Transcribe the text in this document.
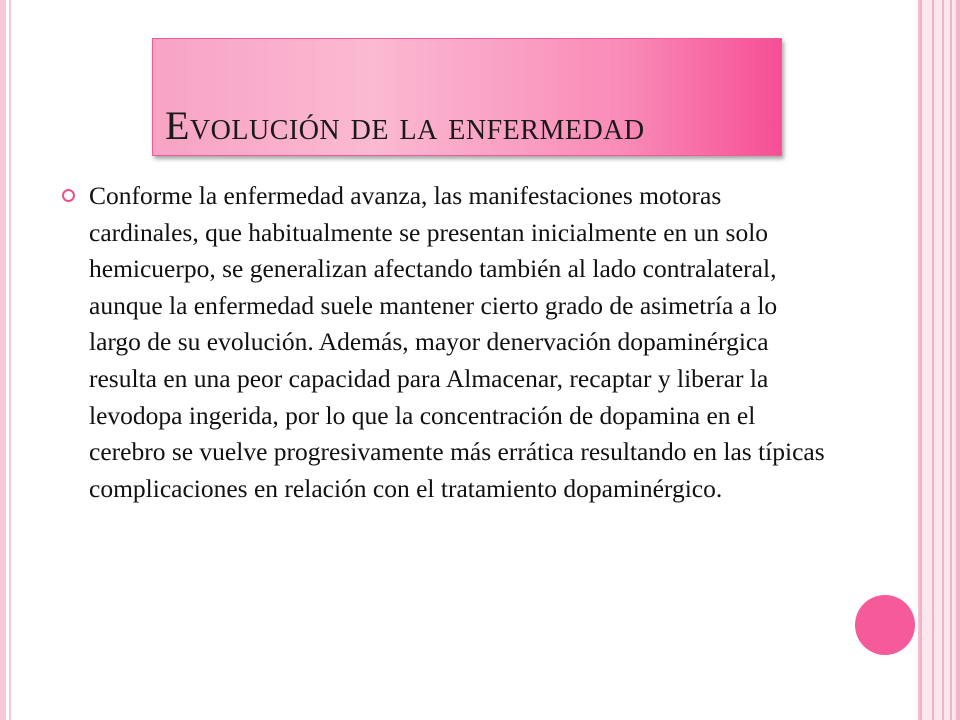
Evolución de la enfermedad

Conforme la enfermedad avanza, las manifestaciones motoras cardinales, que habitualmente se presentan inicialmente en un solo hemicuerpo, se generalizan afectando también al lado contralateral, aunque la enfermedad suele mantener cierto grado de asimetría a lo largo de su evolución. Además, mayor denervación dopaminérgica resulta en una peor capacidad para Almacenar, recaptar y liberar la levodopa ingerida, por lo que la concentración de dopamina en el cerebro se vuelve progresivamente más errática resultando en las típicas complicaciones en relación con el tratamiento dopaminérgico.
